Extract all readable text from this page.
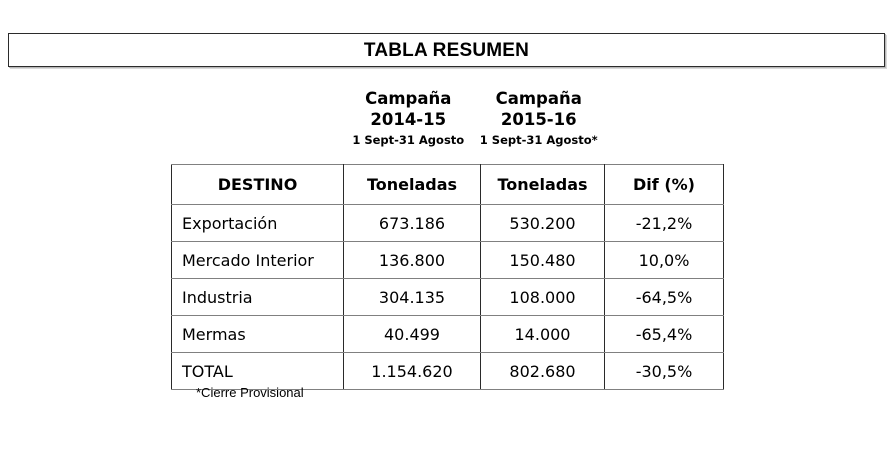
TABLA RESUMEN
Campaña
2014-15
1 Sept-31 Agosto
Campaña
2015-16
1 Sept-31 Agosto*
DESTINO	Toneladas	Toneladas	Dif (%)
Exportación	673.186	530.200	-21,2%
Mercado Interior	136.800	150.480	10,0%
Industria	304.135	108.000	-64,5%
Mermas	40.499	14.000	-65,4%
TOTAL	1.154.620	802.680	-30,5%
*Cierre Provisional
